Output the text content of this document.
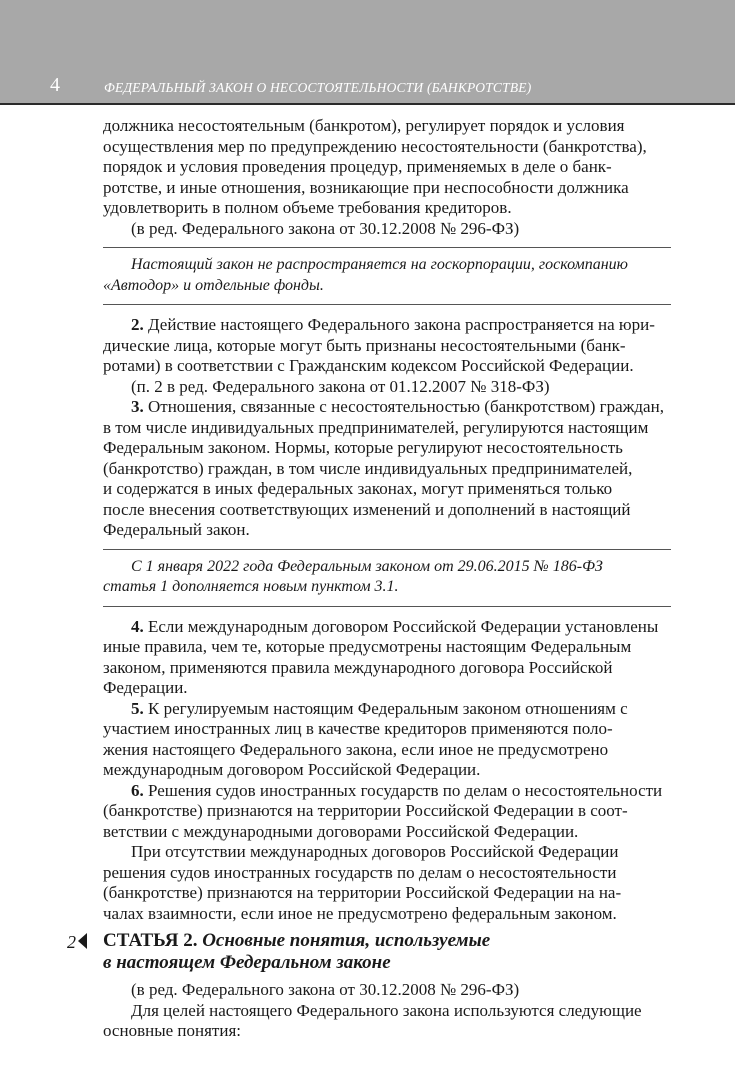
4	ФЕДЕРАЛЬНЫЙ ЗАКОН О НЕСОСТОЯТЕЛЬНОСТИ (БАНКРОТСТВЕ)

должника несостоятельным (банкротом), регулирует порядок и условия
осуществления мер по предупреждению несостоятельности (банкротства),
порядок и условия проведения процедур, применяемых в деле о банк-
ротстве, и иные отношения, возникающие при неспособности должника
удовлетворить в полном объеме требования кредиторов.

(в ред. Федерального закона от 30.12.2008 № 296-ФЗ)

Настоящий закон не распространяется на госкорпорации, госкомпанию
«Автодор» и отдельные фонды.

2. Действие настоящего Федерального закона распространяется на юри-
дические лица, которые могут быть признаны несостоятельными (банк-
ротами) в соответствии с Гражданским кодексом Российской Федерации.

(п. 2 в ред. Федерального закона от 01.12.2007 № 318-ФЗ)

3. Отношения, связанные с несостоятельностью (банкротством) граждан,
в том числе индивидуальных предпринимателей, регулируются настоящим
Федеральным законом. Нормы, которые регулируют несостоятельность
(банкротство) граждан, в том числе индивидуальных предпринимателей,
и содержатся в иных федеральных законах, могут применяться только
после внесения соответствующих изменений и дополнений в настоящий
Федеральный закон.

С 1 января 2022 года Федеральным законом от 29.06.2015 № 186-ФЗ
статья 1 дополняется новым пунктом 3.1.

4. Если международным договором Российской Федерации установлены
иные правила, чем те, которые предусмотрены настоящим Федеральным
законом, применяются правила международного договора Российской
Федерации.

5. К регулируемым настоящим Федеральным законом отношениям с
участием иностранных лиц в качестве кредиторов применяются поло-
жения настоящего Федерального закона, если иное не предусмотрено
международным договором Российской Федерации.

6. Решения судов иностранных государств по делам о несостоятельности
(банкротстве) признаются на территории Российской Федерации в соот-
ветствии с международными договорами Российской Федерации.

При отсутствии международных договоров Российской Федерации
решения судов иностранных государств по делам о несостоятельности
(банкротстве) признаются на территории Российской Федерации на на-
чалах взаимности, если иное не предусмотрено федеральным законом.

2	СТАТЬЯ 2. Основные понятия, используемые

в настоящем Федеральном законе

(в ред. Федерального закона от 30.12.2008 № 296-ФЗ)

Для целей настоящего Федерального закона используются следующие
основные понятия:
